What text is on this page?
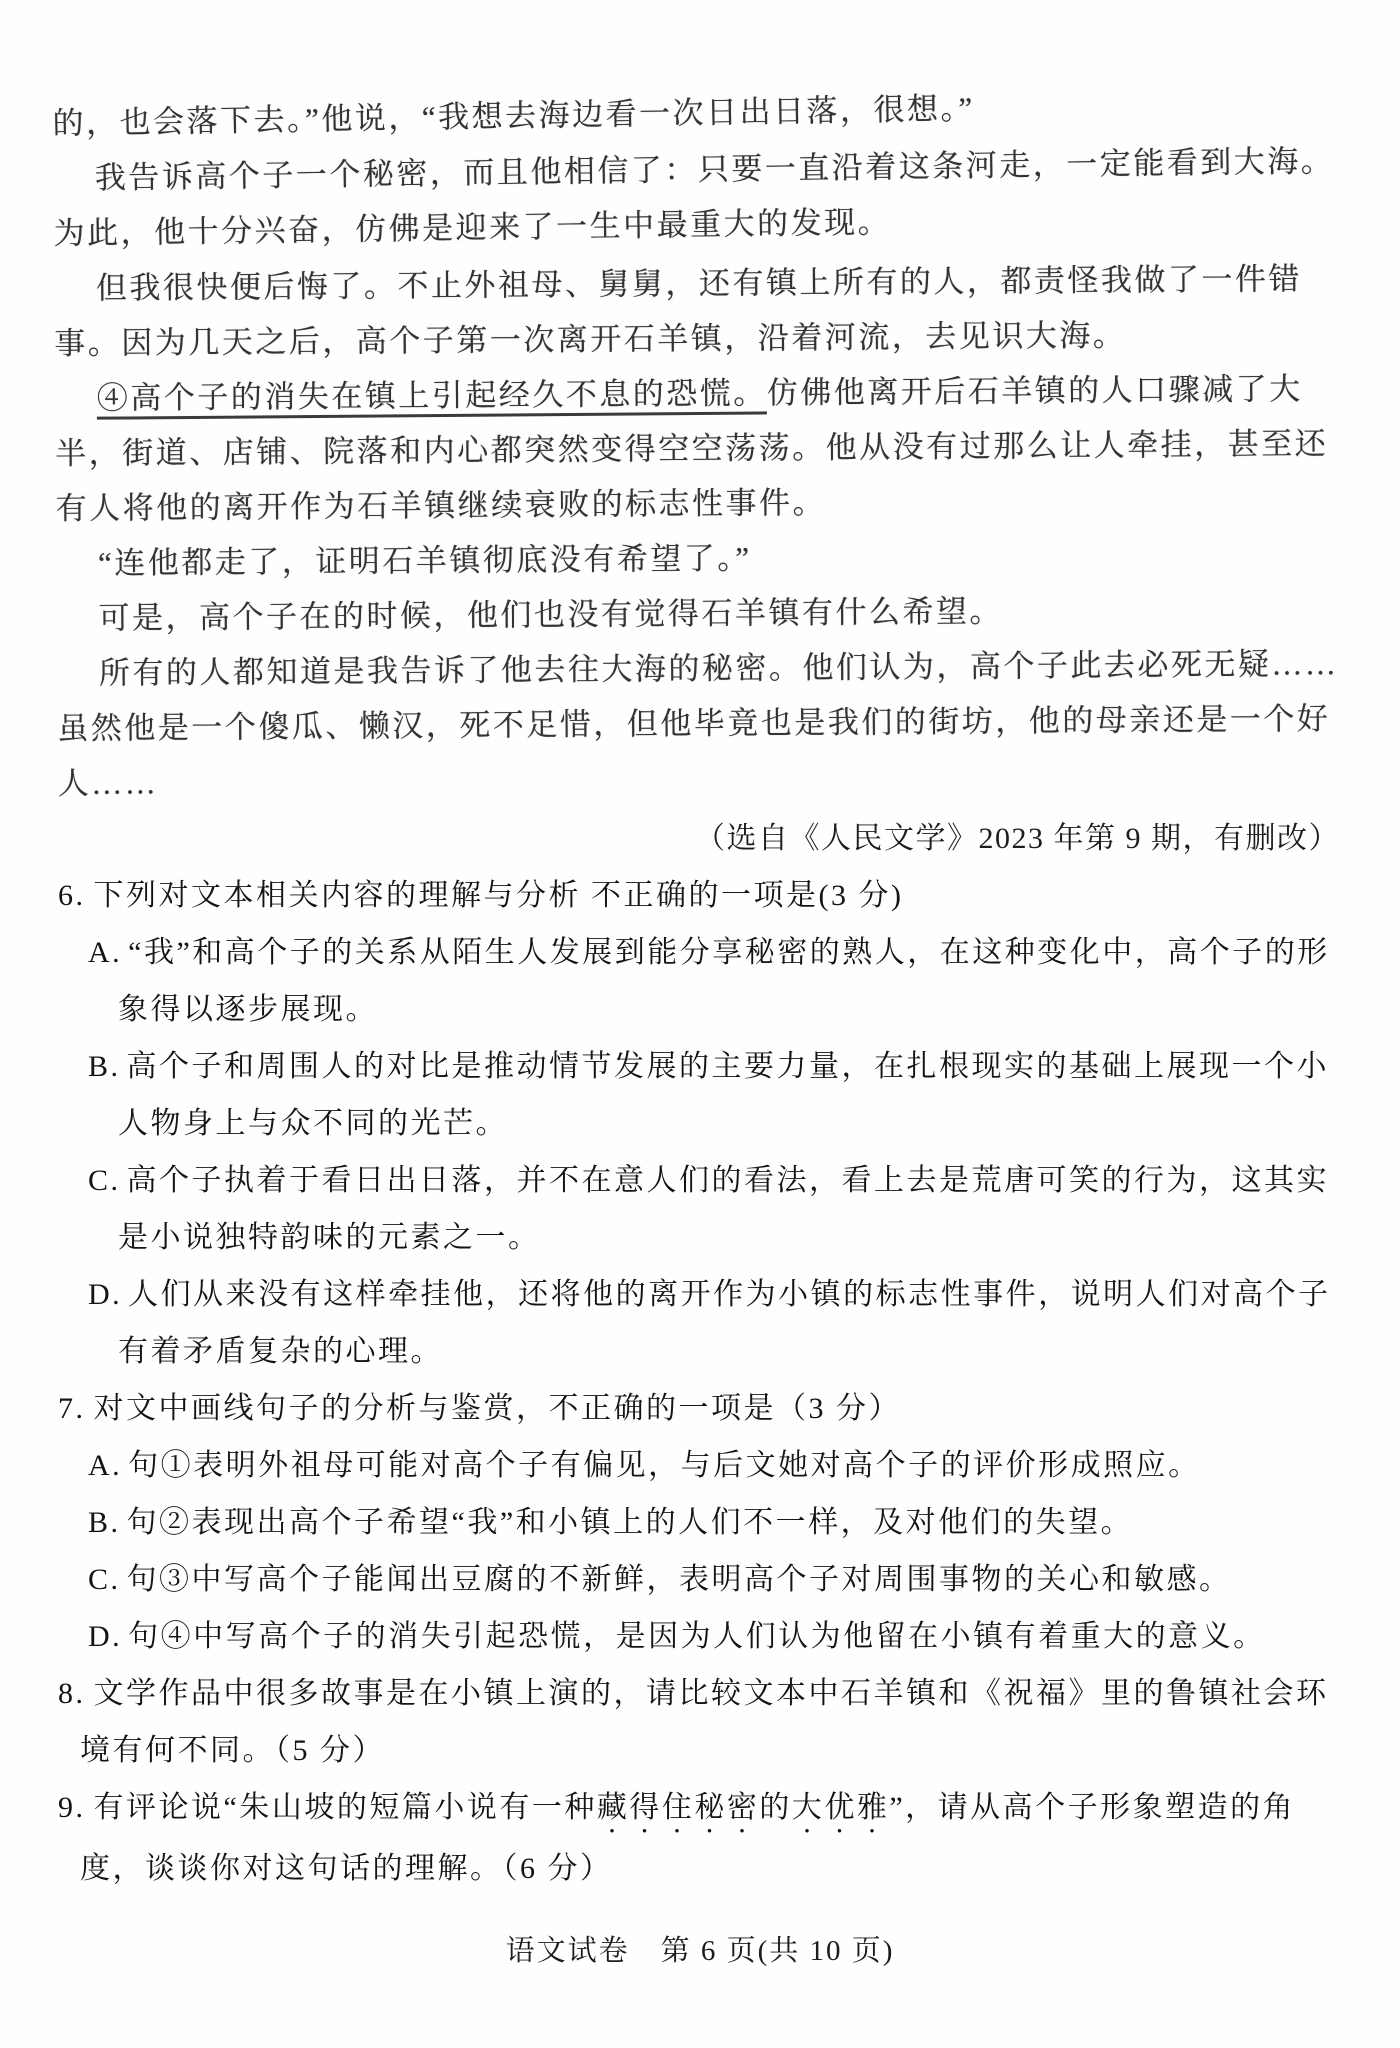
的，也会落下去。”他说，“我想去海边看一次日出日落，很想。”
我告诉高个子一个秘密，而且他相信了：只要一直沿着这条河走，一定能看到大海。为此，他十分兴奋，仿佛是迎来了一生中最重大的发现。
但我很快便后悔了。不止外祖母、舅舅，还有镇上所有的人，都责怪我做了一件错事。因为几天之后，高个子第一次离开石羊镇，沿着河流，去见识大海。
④高个子的消失在镇上引起经久不息的恐慌。仿佛他离开后石羊镇的人口骤减了大半，街道、店铺、院落和内心都突然变得空空荡荡。他从没有过那么让人牵挂，甚至还有人将他的离开作为石羊镇继续衰败的标志性事件。
“连他都走了，证明石羊镇彻底没有希望了。”
可是，高个子在的时候，他们也没有觉得石羊镇有什么希望。
所有的人都知道是我告诉了他去往大海的秘密。他们认为，高个子此去必死无疑……虽然他是一个傻瓜、懒汉，死不足惜，但他毕竟也是我们的街坊，他的母亲还是一个好人……
（选自《人民文学》2023 年第 9 期，有删改）
6. 下列对文本相关内容的理解与分析 不正确的一项是(3 分)
A. “我”和高个子的关系从陌生人发展到能分享秘密的熟人，在这种变化中，高个子的形象得以逐步展现。
B. 高个子和周围人的对比是推动情节发展的主要力量，在扎根现实的基础上展现一个小人物身上与众不同的光芒。
C. 高个子执着于看日出日落，并不在意人们的看法，看上去是荒唐可笑的行为，这其实是小说独特韵味的元素之一。
D. 人们从来没有这样牵挂他，还将他的离开作为小镇的标志性事件，说明人们对高个子有着矛盾复杂的心理。
7. 对文中画线句子的分析与鉴赏，不正确的一项是（3 分）
A. 句①表明外祖母可能对高个子有偏见，与后文她对高个子的评价形成照应。
B. 句②表现出高个子希望“我”和小镇上的人们不一样，及对他们的失望。
C. 句③中写高个子能闻出豆腐的不新鲜，表明高个子对周围事物的关心和敏感。
D. 句④中写高个子的消失引起恐慌，是因为人们认为他留在小镇有着重大的意义。
8. 文学作品中很多故事是在小镇上演的，请比较文本中石羊镇和《祝福》里的鲁镇社会环境有何不同。（5 分）
9. 有评论说“朱山坡的短篇小说有一种藏得住秘密的大优雅”，请从高个子形象塑造的角度，谈谈你对这句话的理解。（6 分）
语文试卷　第 6 页(共 10 页)
